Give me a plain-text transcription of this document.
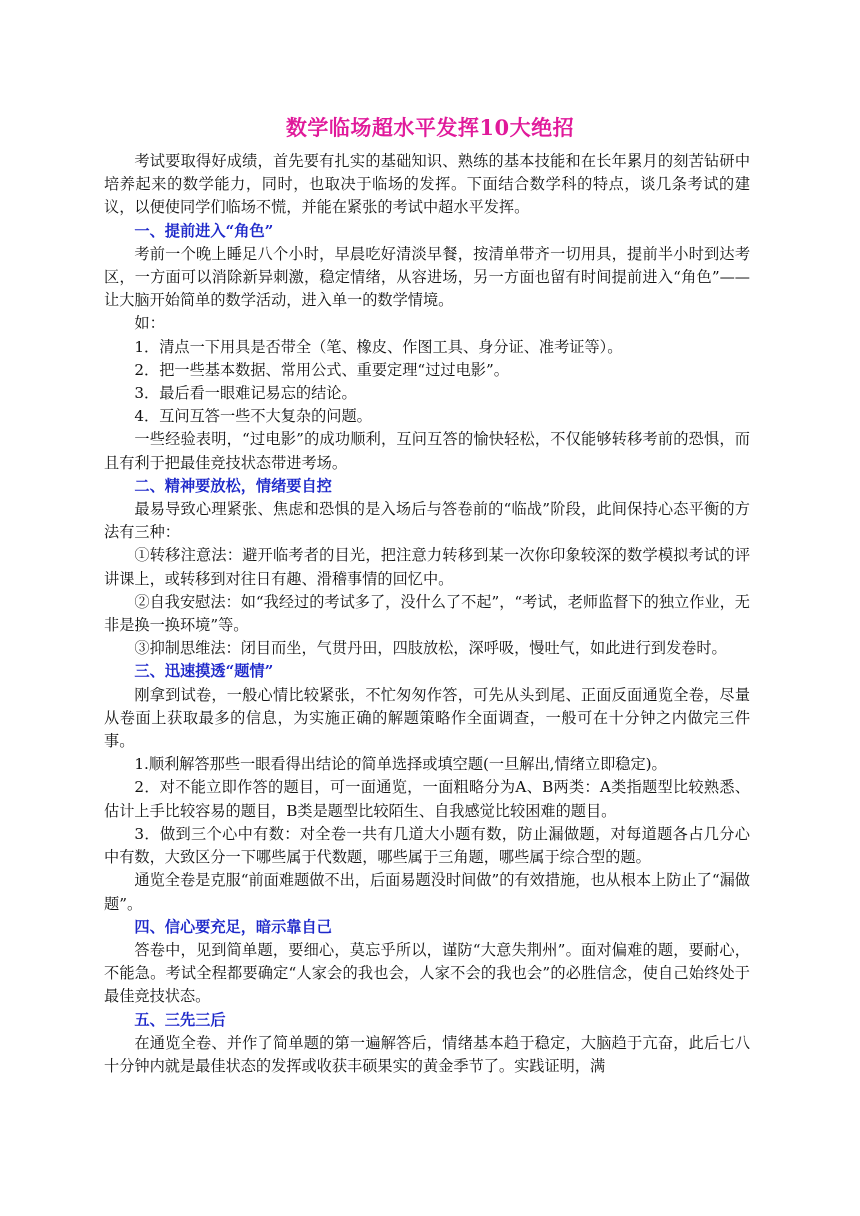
数学临场超水平发挥10大绝招

考试要取得好成绩，首先要有扎实的基础知识、熟练的基本技能和在长年累月的刻苦钻研中培养起来的数学能力，同时，也取决于临场的发挥。下面结合数学科的特点，谈几条考试的建议，以便使同学们临场不慌，并能在紧张的考试中超水平发挥。

一、提前进入“角色”

考前一个晚上睡足八个小时，早晨吃好清淡早餐，按清单带齐一切用具，提前半小时到达考区，一方面可以消除新异刺激，稳定情绪，从容进场，另一方面也留有时间提前进入“角色”——让大脑开始简单的数学活动，进入单一的数学情境。

如：

1．清点一下用具是否带全（笔、橡皮、作图工具、身分证、准考证等）。

2．把一些基本数据、常用公式、重要定理“过过电影”。

3．最后看一眼难记易忘的结论。

4．互问互答一些不大复杂的问题。

一些经验表明，“过电影”的成功顺利，互问互答的愉快轻松，不仅能够转移考前的恐惧，而且有利于把最佳竞技状态带进考场。

二、精神要放松，情绪要自控

最易导致心理紧张、焦虑和恐惧的是入场后与答卷前的“临战”阶段，此间保持心态平衡的方法有三种：

①转移注意法：避开临考者的目光，把注意力转移到某一次你印象较深的数学模拟考试的评讲课上，或转移到对往日有趣、滑稽事情的回忆中。

②自我安慰法：如“我经过的考试多了，没什么了不起”，“考试，老师监督下的独立作业，无非是换一换环境”等。

③抑制思维法：闭目而坐，气贯丹田，四肢放松，深呼吸，慢吐气，如此进行到发卷时。

三、迅速摸透“题情”

刚拿到试卷，一般心情比较紧张，不忙匆匆作答，可先从头到尾、正面反面通览全卷，尽量从卷面上获取最多的信息，为实施正确的解题策略作全面调查，一般可在十分钟之内做完三件事。

1.顺利解答那些一眼看得出结论的简单选择或填空题(一旦解出,情绪立即稳定)。

2．对不能立即作答的题目，可一面通览，一面粗略分为A、B两类：A类指题型比较熟悉、估计上手比较容易的题目，B类是题型比较陌生、自我感觉比较困难的题目。

3．做到三个心中有数：对全卷一共有几道大小题有数，防止漏做题，对每道题各占几分心中有数，大致区分一下哪些属于代数题，哪些属于三角题，哪些属于综合型的题。

通览全卷是克服“前面难题做不出，后面易题没时间做”的有效措施，也从根本上防止了“漏做题”。

四、信心要充足，暗示靠自己

答卷中，见到简单题，要细心，莫忘乎所以，谨防“大意失荆州”。面对偏难的题，要耐心，不能急。考试全程都要确定“人家会的我也会，人家不会的我也会”的必胜信念，使自己始终处于最佳竞技状态。

五、三先三后

在通览全卷、并作了简单题的第一遍解答后，情绪基本趋于稳定，大脑趋于亢奋，此后七八十分钟内就是最佳状态的发挥或收获丰硕果实的黄金季节了。实践证明，满
